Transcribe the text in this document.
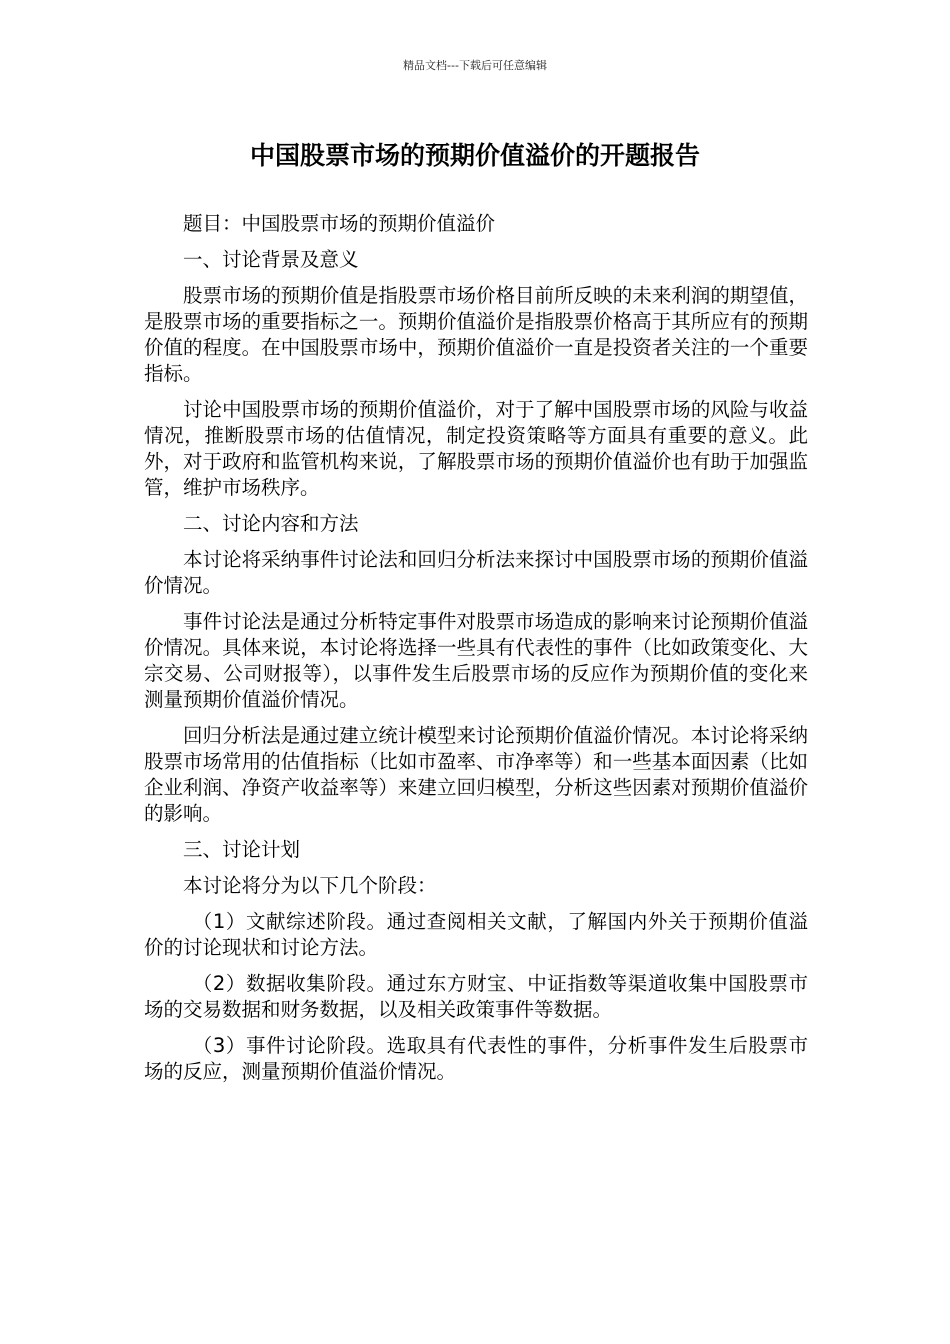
精品文档---下载后可任意编辑
中国股票市场的预期价值溢价的开题报告

题目：中国股票市场的预期价值溢价

一、讨论背景及意义

股票市场的预期价值是指股票市场价格目前所反映的未来利润的期望值，是股票市场的重要指标之一。预期价值溢价是指股票价格高于其所应有的预期价值的程度。在中国股票市场中，预期价值溢价一直是投资者关注的一个重要指标。

讨论中国股票市场的预期价值溢价，对于了解中国股票市场的风险与收益情况，推断股票市场的估值情况，制定投资策略等方面具有重要的意义。此外，对于政府和监管机构来说，了解股票市场的预期价值溢价也有助于加强监管，维护市场秩序。

二、讨论内容和方法

本讨论将采纳事件讨论法和回归分析法来探讨中国股票市场的预期价值溢价情况。

事件讨论法是通过分析特定事件对股票市场造成的影响来讨论预期价值溢价情况。具体来说，本讨论将选择一些具有代表性的事件（比如政策变化、大宗交易、公司财报等），以事件发生后股票市场的反应作为预期价值的变化来测量预期价值溢价情况。

回归分析法是通过建立统计模型来讨论预期价值溢价情况。本讨论将采纳股票市场常用的估值指标（比如市盈率、市净率等）和一些基本面因素（比如企业利润、净资产收益率等）来建立回归模型，分析这些因素对预期价值溢价的影响。

三、讨论计划

本讨论将分为以下几个阶段：

（1）文献综述阶段。通过查阅相关文献，了解国内外关于预期价值溢价的讨论现状和讨论方法。

（2）数据收集阶段。通过东方财宝、中证指数等渠道收集中国股票市场的交易数据和财务数据，以及相关政策事件等数据。

（3）事件讨论阶段。选取具有代表性的事件，分析事件发生后股票市场的反应，测量预期价值溢价情况。
